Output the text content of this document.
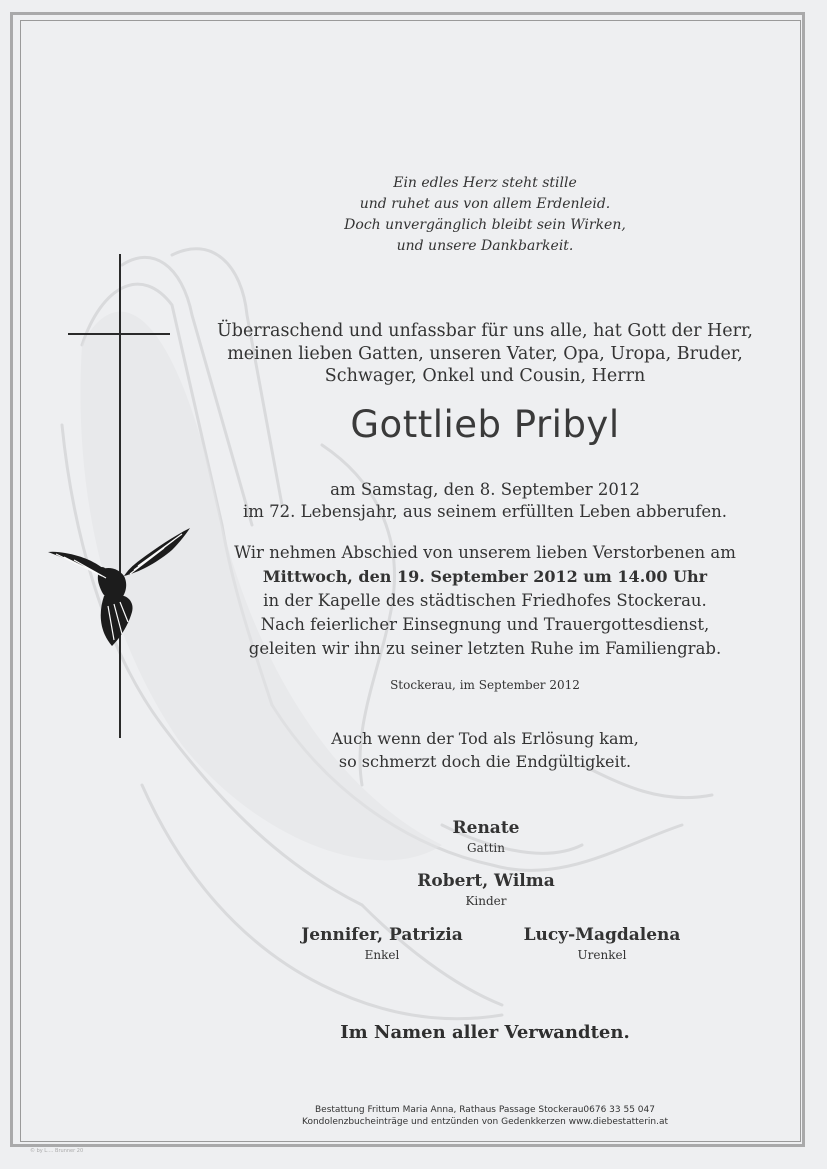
Ein edles Herz steht stille
und ruhet aus von allem Erdenleid.
Doch unvergänglich bleibt sein Wirken,
und unsere Dankbarkeit.
Überraschend und unfassbar für uns alle, hat Gott der Herr,
meinen lieben Gatten, unseren Vater, Opa, Uropa, Bruder,
Schwager, Onkel und Cousin, Herrn
Gottlieb Pribyl
am Samstag, den 8. September 2012
im 72. Lebensjahr, aus seinem erfüllten Leben abberufen.
Wir nehmen Abschied von unserem lieben Verstorbenen am
Mittwoch, den 19. September 2012 um 14.00 Uhr
in der Kapelle des städtischen Friedhofes Stockerau.
Nach feierlicher Einsegnung und Trauergottesdienst,
geleiten wir ihn zu seiner letzten Ruhe im Familiengrab.
Stockerau, im September 2012
Auch wenn der Tod als Erlösung kam,
so schmerzt doch die Endgültigkeit.
Renate
Gattin
Robert, Wilma
Kinder
Jennifer, Patrizia
Enkel
Lucy-Magdalena
Urenkel
Im Namen aller Verwandten.
Bestattung Frittum Maria Anna, Rathaus Passage Stockerau0676 33 55 047
Kondolenzbucheinträge und entzünden von Gedenkkerzen www.diebestatterin.at
© by L.... Brunner 20
